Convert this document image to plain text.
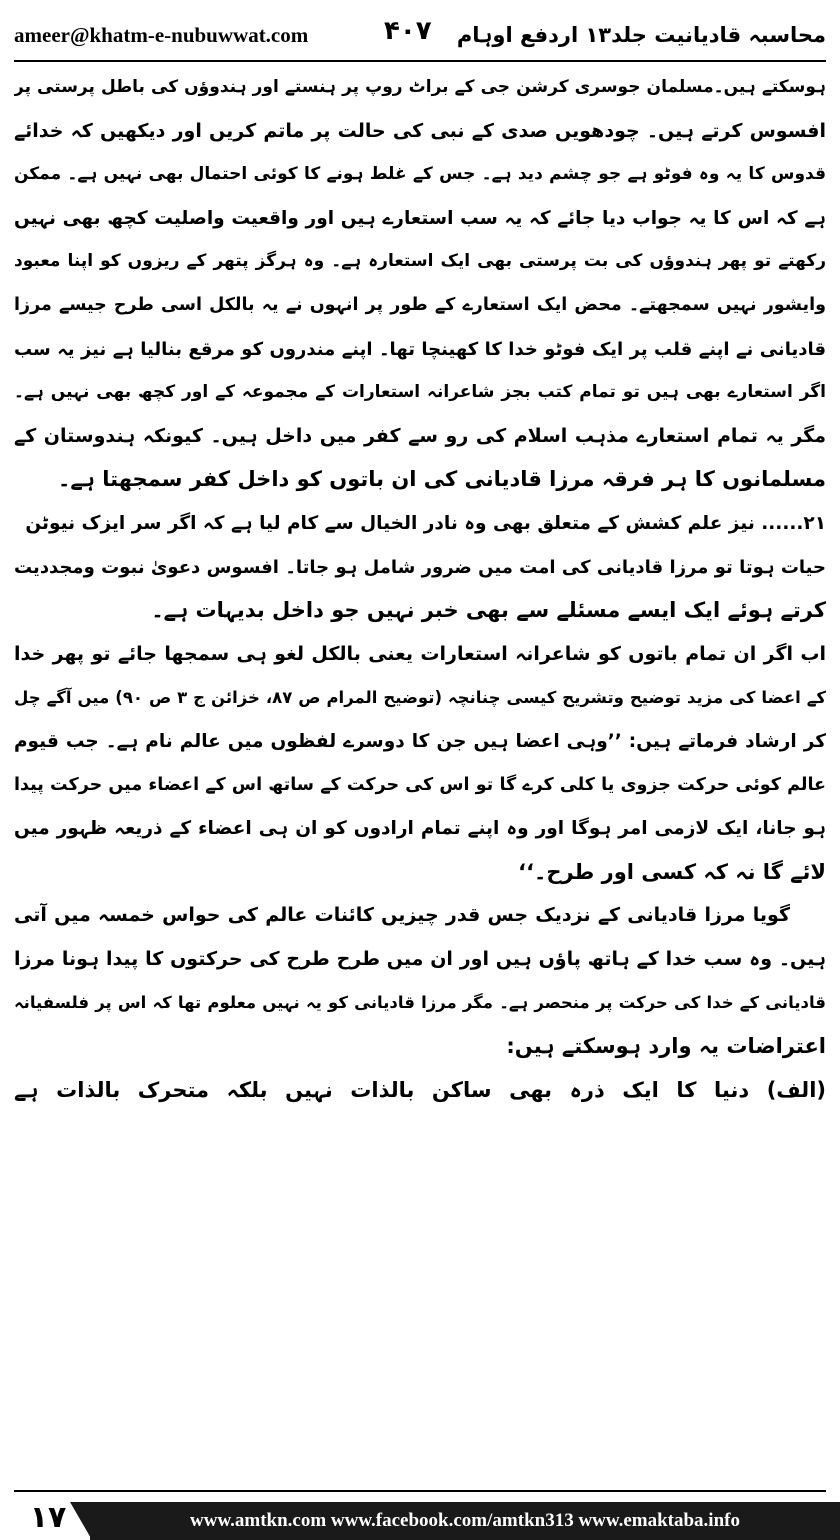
ameer@khatm-e-nubuwwat.com	۴۰۷ محاسبہ قادیانیت جلد۱۳ اردفع اوہام
ہوسکتے ہیں۔مسلمان جوسری کرشن جی کے براٹ روپ پر ہنستے اور ہندوؤں کی باطل پرستی پر
افسوس کرتے ہیں۔ چودھویں صدی کے نبی کی حالت پر ماتم کریں اور دیکھیں کہ خدائے
قدوس کا یہ وہ فوٹو ہے جو چشم دید ہے۔ جس کے غلط ہونے کا کوئی احتمال بھی نہیں ہے۔ ممکن
ہے کہ اس کا یہ جواب دیا جائے کہ یہ سب استعارے ہیں اور واقعیت واصلیت کچھ بھی نہیں
رکھتے تو پھر ہندوؤں کی بت پرستی بھی ایک استعارہ ہے۔ وہ ہرگز پتھر کے ریزوں کو اپنا معبود
وایشور نہیں سمجھتے۔ محض ایک استعارے کے طور پر انہوں نے یہ بالکل اسی طرح جیسے مرزا
قادیانی نے اپنے قلب پر ایک فوٹو خدا کا کھینچا تھا۔ اپنے مندروں کو مرقع بنالیا ہے نیز یہ سب
اگر استعارے بھی ہیں تو تمام کتب بجز شاعرانہ استعارات کے مجموعہ کے اور کچھ بھی نہیں ہے۔
مگر یہ تمام استعارے مذہب اسلام کی رو سے کفر میں داخل ہیں۔ کیونکہ ہندوستان کے
مسلمانوں کا ہر فرقہ مرزا قادیانی کی ان باتوں کو داخل کفر سمجھتا ہے۔
۲۱...... نیز علم کشش کے متعلق بھی وہ نادر الخیال سے کام لیا ہے کہ اگر سر ایزک نیوٹن
حیات ہوتا تو مرزا قادیانی کی امت میں ضرور شامل ہو جاتا۔ افسوس دعویٰ نبوت ومجددیت
کرتے ہوئے ایک ایسے مسئلے سے بھی خبر نہیں جو داخل بدیہات ہے۔
اب اگر ان تمام باتوں کو شاعرانہ استعارات یعنی بالکل لغو ہی سمجھا جائے تو پھر خدا
کے اعضا کی مزید توضیح وتشریح کیسی چنانچہ (توضیح المرام ص ۸۷، خزائن ج ۳ ص ۹۰) میں آگے چل
کر ارشاد فرماتے ہیں: ’’وہی اعضا ہیں جن کا دوسرے لفظوں میں عالم نام ہے۔ جب قیوم
عالم کوئی حرکت جزوی یا کلی کرے گا تو اس کی حرکت کے ساتھ اس کے اعضاء میں حرکت پیدا
ہو جانا، ایک لازمی امر ہوگا اور وہ اپنے تمام ارادوں کو ان ہی اعضاء کے ذریعہ ظہور میں
لائے گا نہ کہ کسی اور طرح۔‘‘
گویا مرزا قادیانی کے نزدیک جس قدر چیزیں کائنات عالم کی حواس خمسہ میں آتی
ہیں۔ وہ سب خدا کے ہاتھ پاؤں ہیں اور ان میں طرح طرح کی حرکتوں کا پیدا ہونا مرزا
قادیانی کے خدا کی حرکت پر منحصر ہے۔ مگر مرزا قادیانی کو یہ نہیں معلوم تھا کہ اس پر فلسفیانہ
اعتراضات یہ وارد ہوسکتے ہیں:
(الف) دنیا کا ایک ذرہ بھی ساکن بالذات نہیں بلکہ متحرک بالذات ہے
۱۷	www.amtkn.com www.facebook.com/amtkn313 www.emaktaba.info
